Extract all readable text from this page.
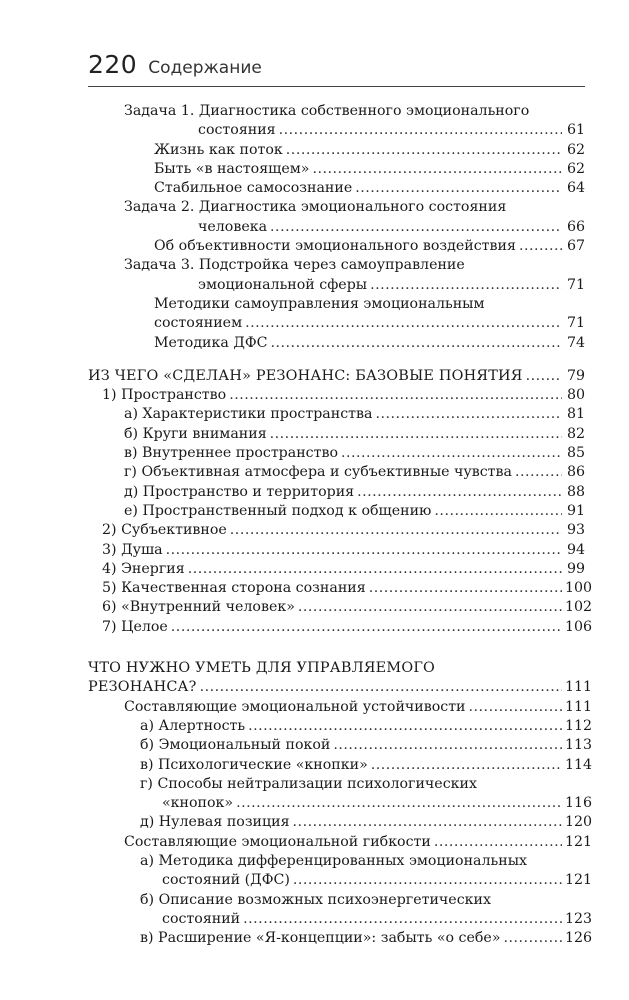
220 Содержание
Задача 1. Диагностика собственного эмоционального
состояния .....	61
Жизнь как поток .....	62
Быть «в настоящем» .....	62
Стабильное самосознание .....	64
Задача 2. Диагностика эмоционального состояния
человека .....	66
Об объективности эмоционального воздействия .....	67
Задача 3. Подстройка через самоуправление
эмоциональной сферы .....	71
Методики самоуправления эмоциональным
состоянием .....	71
Методика ДФС .....	74
ИЗ ЧЕГО «СДЕЛАН» РЕЗОНАНС: БАЗОВЫЕ ПОНЯТИЯ .....	79
1) Пространство .....	80
а) Характеристики пространства .....	81
б) Круги внимания .....	82
в) Внутреннее пространство .....	85
г) Объективная атмосфера и субъективные чувства .....	86
д) Пространство и территория .....	88
е) Пространственный подход к общению .....	91
2) Субъективное .....	93
3) Душа .....	94
4) Энергия .....	99
5) Качественная сторона сознания .....	100
6) «Внутренний человек» .....	102
7) Целое .....	106
ЧТО НУЖНО УМЕТЬ ДЛЯ УПРАВЛЯЕМОГО
РЕЗОНАНСА? .....	111
Составляющие эмоциональной устойчивости .....	111
а) Алертность .....	112
б) Эмоциональный покой .....	113
в) Психологические «кнопки» .....	114
г) Способы нейтрализации психологических
«кнопок» .....	116
д) Нулевая позиция .....	120
Составляющие эмоциональной гибкости .....	121
а) Методика дифференцированных эмоциональных
состояний (ДФС) .....	121
б) Описание возможных психоэнергетических
состояний .....	123
в) Расширение «Я-концепции»: забыть «о себе» .....	126
